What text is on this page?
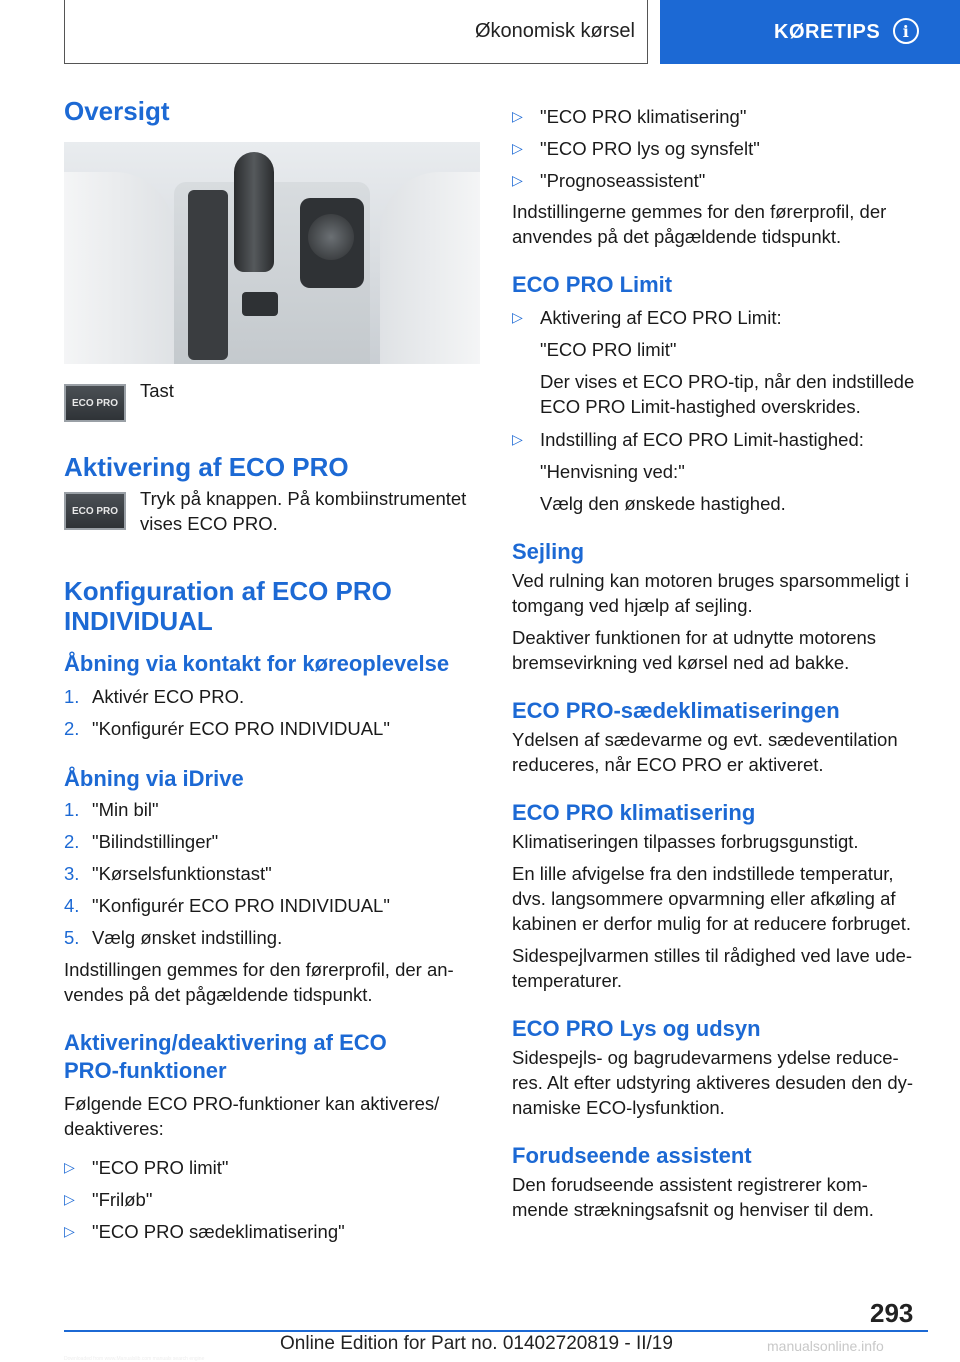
Økonomisk kørsel	KØRETIPS	i
Oversigt
ECO PRO

Tast

Aktivering af ECO PRO
ECO PRO

Tryk på knappen. På kombiinstrumentet vises ECO PRO.

Konfiguration af ECO PRO
INDIVIDUAL
Åbning via kontakt for køreoplevelse
1. Aktivér ECO PRO.
2. "Konfigurér ECO PRO INDIVIDUAL"
Åbning via iDrive
1. "Min bil"
2. "Bilindstillinger"
3. "Kørselsfunktionstast"
4. "Konfigurér ECO PRO INDIVIDUAL"
5. Vælg ønsket indstilling.

Indstillingen gemmes for den førerprofil, der an-
vendes på det pågældende tidspunkt.

Aktivering/deaktivering af ECO
PRO-funktioner

Følgende ECO PRO-funktioner kan aktiveres/
deaktiveres:

▷ "ECO PRO limit"
▷ "Friløb"
▷ "ECO PRO sædeklimatisering"
▷ "ECO PRO klimatisering"
▷ "ECO PRO lys og synsfelt"
▷ "Prognoseassistent"

Indstillingerne gemmes for den førerprofil, der anvendes på det pågældende tidspunkt.

ECO PRO Limit
▷ Aktivering af ECO PRO Limit:

"ECO PRO limit"

Der vises et ECO PRO-tip, når den indstillede ECO PRO Limit-hastighed overskrides.

▷ Indstilling af ECO PRO Limit-hastighed:

"Henvisning ved:"

Vælg den ønskede hastighed.

Sejling

Ved rulning kan motoren bruges sparsommeligt i tomgang ved hjælp af sejling.

Deaktiver funktionen for at udnytte motorens bremsevirkning ved kørsel ned ad bakke.

ECO PRO-sædeklimatiseringen

Ydelsen af sædevarme og evt. sædeventilation reduceres, når ECO PRO er aktiveret.

ECO PRO klimatisering

Klimatiseringen tilpasses forbrugsgunstigt.

En lille afvigelse fra den indstillede temperatur, dvs. langsommere opvarmning eller afkøling af kabinen er derfor mulig for at reducere forbruget.

Sidespejlvarmen stilles til rådighed ved lave ude-
temperaturer.

ECO PRO Lys og udsyn

Sidespejls- og bagrudevarmens ydelse reduce-
res. Alt efter udstyring aktiveres desuden den dy-
namiske ECO-lysfunktion.

Forudseende assistent

Den forudseende assistent registrerer kom-
mende strækningsafsnit og henviser til dem.

293
Online Edition for Part no. 01402720819 - II/19	manualsonline.info
Downloaded from www.Manualslib.com manuals search engine
